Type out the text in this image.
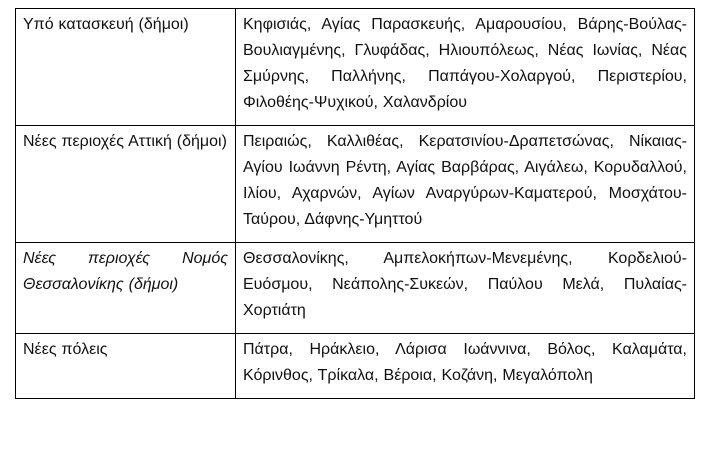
Υπό κατασκευή (δήμοι)	Κηφισιάς, Αγίας Παρασκευής, Αμαρουσίου, Βάρης-Βούλας-Βουλιαγμένης, Γλυφάδας, Ηλιουπόλεως, Νέας Ιωνίας, Νέας Σμύρνης, Παλλήνης, Παπάγου-Χολαργού, Περιστερίου, Φιλοθέης-Ψυχικού, Χαλανδρίου
Νέες περιοχές Αττική (δήμοι)	Πειραιώς, Καλλιθέας, Κερατσινίου-Δραπετσώνας, Νίκαιας- Αγίου Ιωάννη Ρέντη, Αγίας Βαρβάρας, Αιγάλεω, Κορυδαλλού, Ιλίου, Αχαρνών, Αγίων Αναργύρων-Καματερού, Μοσχάτου-Ταύρου, Δάφνης-Υμηττού
Νέες περιοχές Νομός Θεσσαλονίκης (δήμοι)	Θεσσαλονίκης, Αμπελοκήπων-Μενεμένης, Κορδελιού-Ευόσμου, Νεάπολης-Συκεών, Παύλου Μελά, Πυλαίας-Χορτιάτη
Νέες πόλεις	Πάτρα, Ηράκλειο, Λάρισα Ιωάννινα, Βόλος, Καλαμάτα, Κόρινθος, Τρίκαλα, Βέροια, Κοζάνη, Μεγαλόπολη
